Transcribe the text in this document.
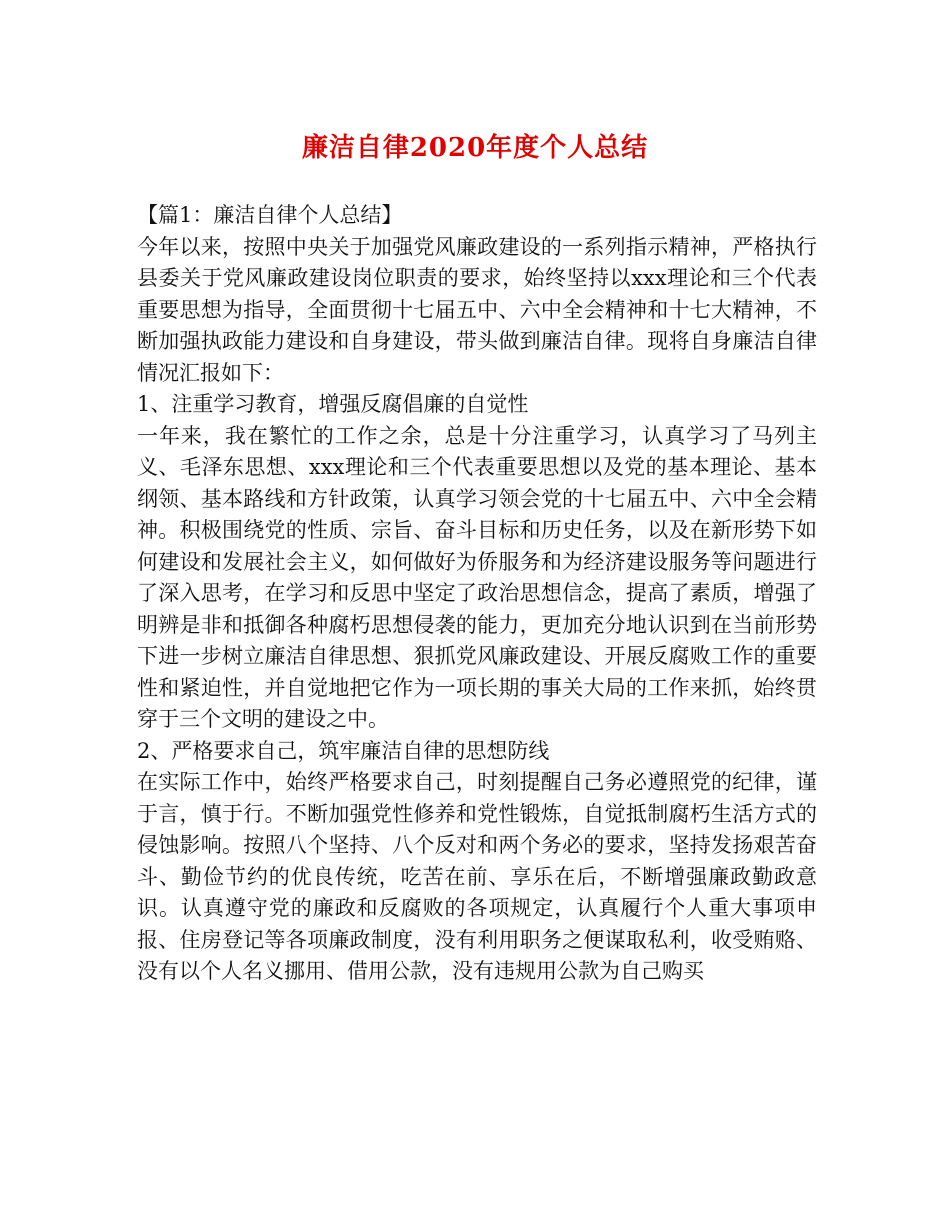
廉洁自律2020年度个人总结

【篇1：廉洁自律个人总结】

今年以来，按照中央关于加强党风廉政建设的一系列指示精神，严格执行县委关于党风廉政建设岗位职责的要求，始终坚持以xxx理论和三个代表重要思想为指导，全面贯彻十七届五中、六中全会精神和十七大精神，不断加强执政能力建设和自身建设，带头做到廉洁自律。现将自身廉洁自律情况汇报如下：

1、注重学习教育，增强反腐倡廉的自觉性

一年来，我在繁忙的工作之余，总是十分注重学习，认真学习了马列主义、毛泽东思想、xxx理论和三个代表重要思想以及党的基本理论、基本纲领、基本路线和方针政策，认真学习领会党的十七届五中、六中全会精神。积极围绕党的性质、宗旨、奋斗目标和历史任务，以及在新形势下如何建设和发展社会主义，如何做好为侨服务和为经济建设服务等问题进行了深入思考，在学习和反思中坚定了政治思想信念，提高了素质，增强了明辨是非和抵御各种腐朽思想侵袭的能力，更加充分地认识到在当前形势下进一步树立廉洁自律思想、狠抓党风廉政建设、开展反腐败工作的重要性和紧迫性，并自觉地把它作为一项长期的事关大局的工作来抓，始终贯穿于三个文明的建设之中。

2、严格要求自己，筑牢廉洁自律的思想防线

在实际工作中，始终严格要求自己，时刻提醒自己务必遵照党的纪律，谨于言，慎于行。不断加强党性修养和党性锻炼，自觉抵制腐朽生活方式的侵蚀影响。按照八个坚持、八个反对和两个务必的要求，坚持发扬艰苦奋斗、勤俭节约的优良传统，吃苦在前、享乐在后，不断增强廉政勤政意识。认真遵守党的廉政和反腐败的各项规定，认真履行个人重大事项申报、住房登记等各项廉政制度，没有利用职务之便谋取私利，收受贿赂、没有以个人名义挪用、借用公款，没有违规用公款为自己购买
